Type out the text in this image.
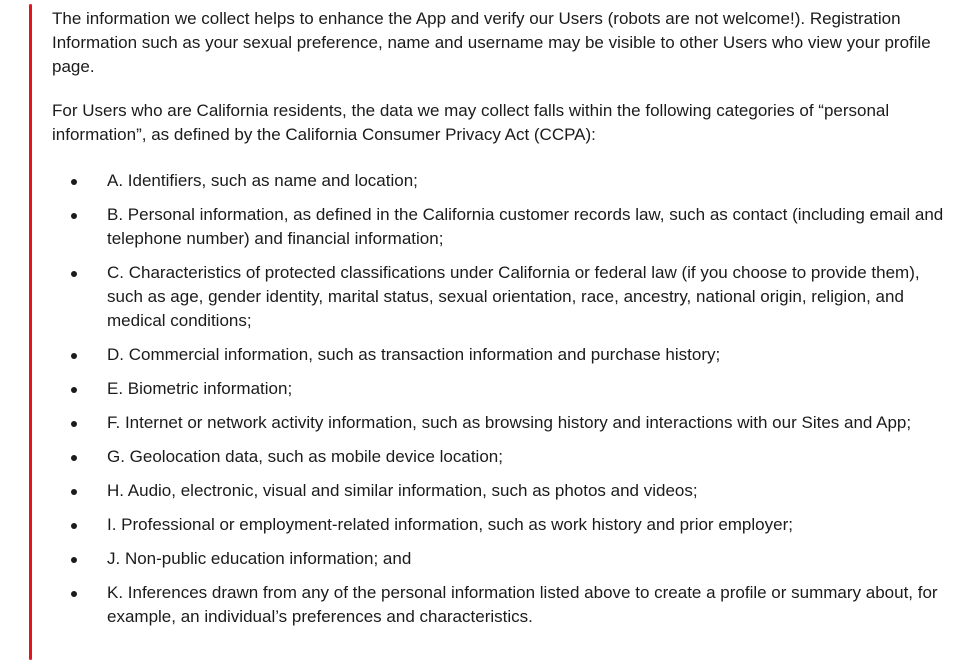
The information we collect helps to enhance the App and verify our Users (robots are not welcome!). Registration Information such as your sexual preference, name and username may be visible to other Users who view your profile page.

For Users who are California residents, the data we may collect falls within the following categories of “personal information”, as defined by the California Consumer Privacy Act (CCPA):

A. Identifiers, such as name and location;
B. Personal information, as defined in the California customer records law, such as contact (including email and telephone number) and financial information;
C. Characteristics of protected classifications under California or federal law (if you choose to provide them), such as age, gender identity, marital status, sexual orientation, race, ancestry, national origin, religion, and medical conditions;
D. Commercial information, such as transaction information and purchase history;
E. Biometric information;
F. Internet or network activity information, such as browsing history and interactions with our Sites and App;
G. Geolocation data, such as mobile device location;
H. Audio, electronic, visual and similar information, such as photos and videos;
I. Professional or employment-related information, such as work history and prior employer;
J. Non-public education information; and
K. Inferences drawn from any of the personal information listed above to create a profile or summary about, for example, an individual’s preferences and characteristics.
